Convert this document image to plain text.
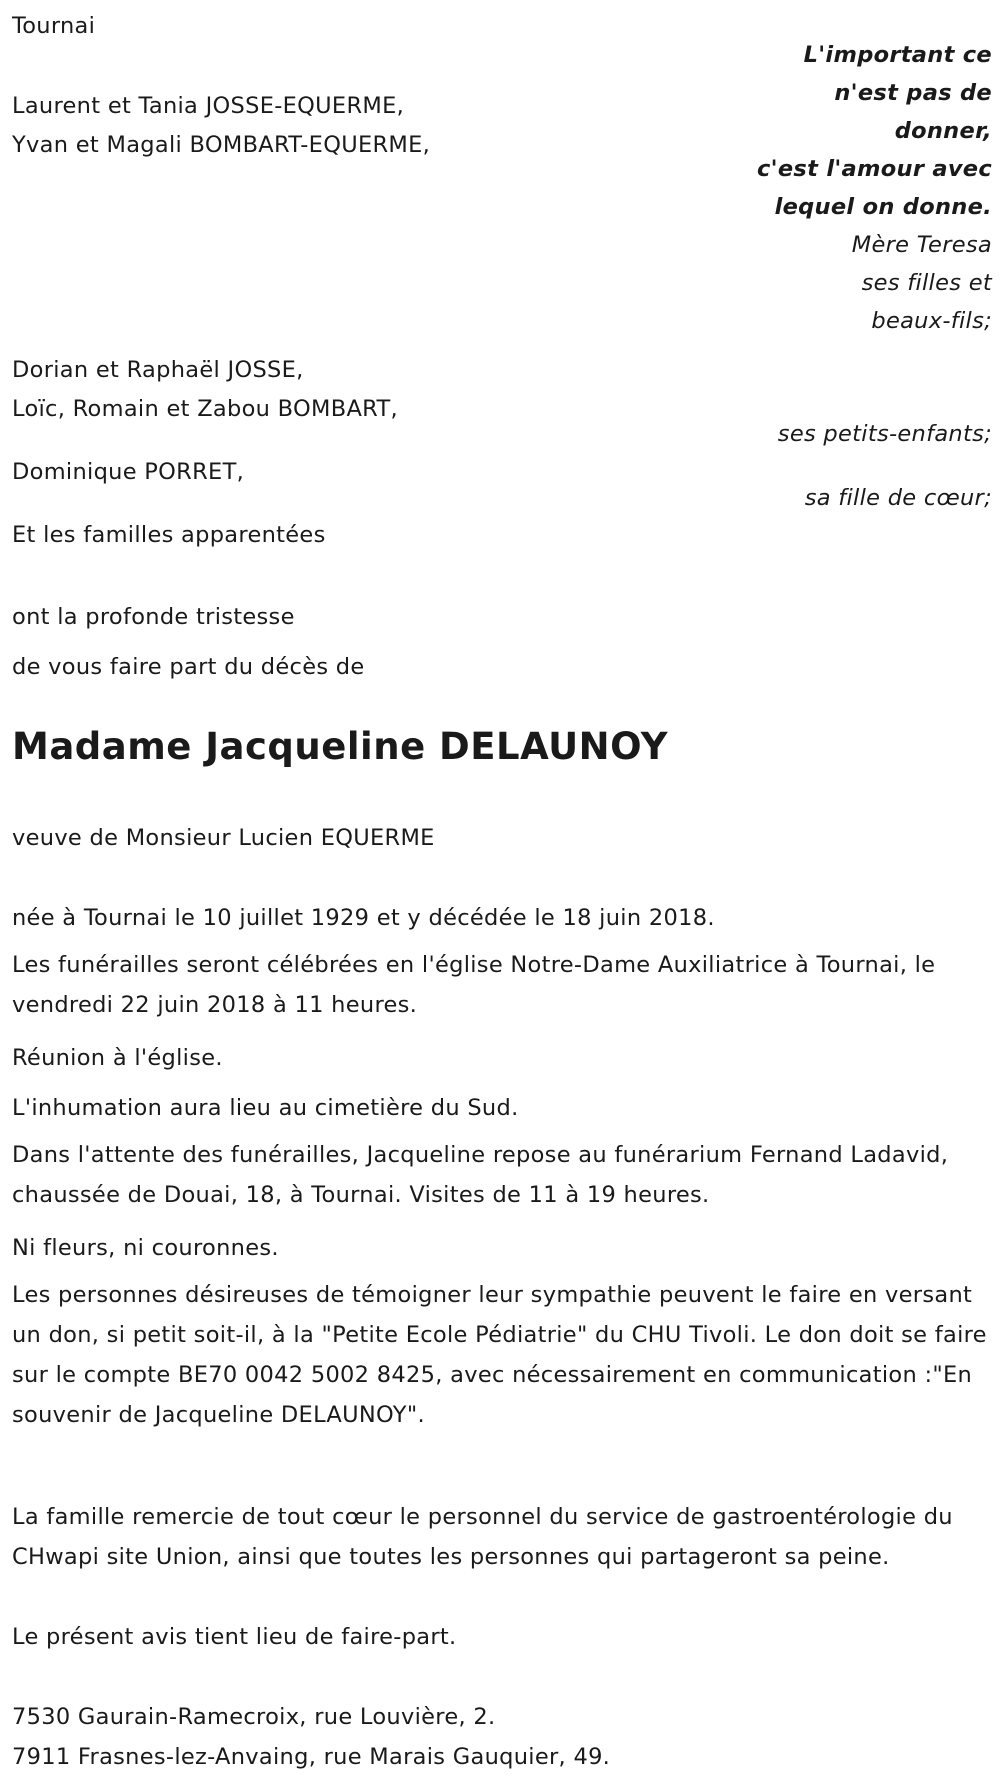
Tournai
Laurent et Tania JOSSE-EQUERME,
Yvan et Magali BOMBART-EQUERME,
L'important ce
n'est pas de
donner,
c'est l'amour avec
lequel on donne.
Mère Teresa
ses filles et
beaux-fils;
Dorian et Raphaël JOSSE,
Loïc, Romain et Zabou BOMBART,
ses petits-enfants;
Dominique PORRET,
sa fille de cœur;
Et les familles apparentées
ont la profonde tristesse
de vous faire part du décès de
Madame Jacqueline DELAUNOY
veuve de Monsieur Lucien EQUERME
née à Tournai le 10 juillet 1929 et y décédée le 18 juin 2018.
Les funérailles seront célébrées en l'église Notre-Dame Auxiliatrice à Tournai, le vendredi 22 juin 2018 à 11 heures.
Réunion à l'église.
L'inhumation aura lieu au cimetière du Sud.
Dans l'attente des funérailles, Jacqueline repose au funérarium Fernand Ladavid, chaussée de Douai, 18, à Tournai. Visites de 11 à 19 heures.
Ni fleurs, ni couronnes.
Les personnes désireuses de témoigner leur sympathie peuvent le faire en versant un don, si petit soit-il, à la "Petite Ecole Pédiatrie" du CHU Tivoli. Le don doit se faire sur le compte BE70 0042 5002 8425, avec nécessairement en communication :"En souvenir de Jacqueline DELAUNOY".
La famille remercie de tout cœur le personnel du service de gastroentérologie du CHwapi site Union, ainsi que toutes les personnes qui partageront sa peine.
Le présent avis tient lieu de faire-part.
7530 Gaurain-Ramecroix, rue Louvière, 2.
7911 Frasnes-lez-Anvaing, rue Marais Gauquier, 49.
